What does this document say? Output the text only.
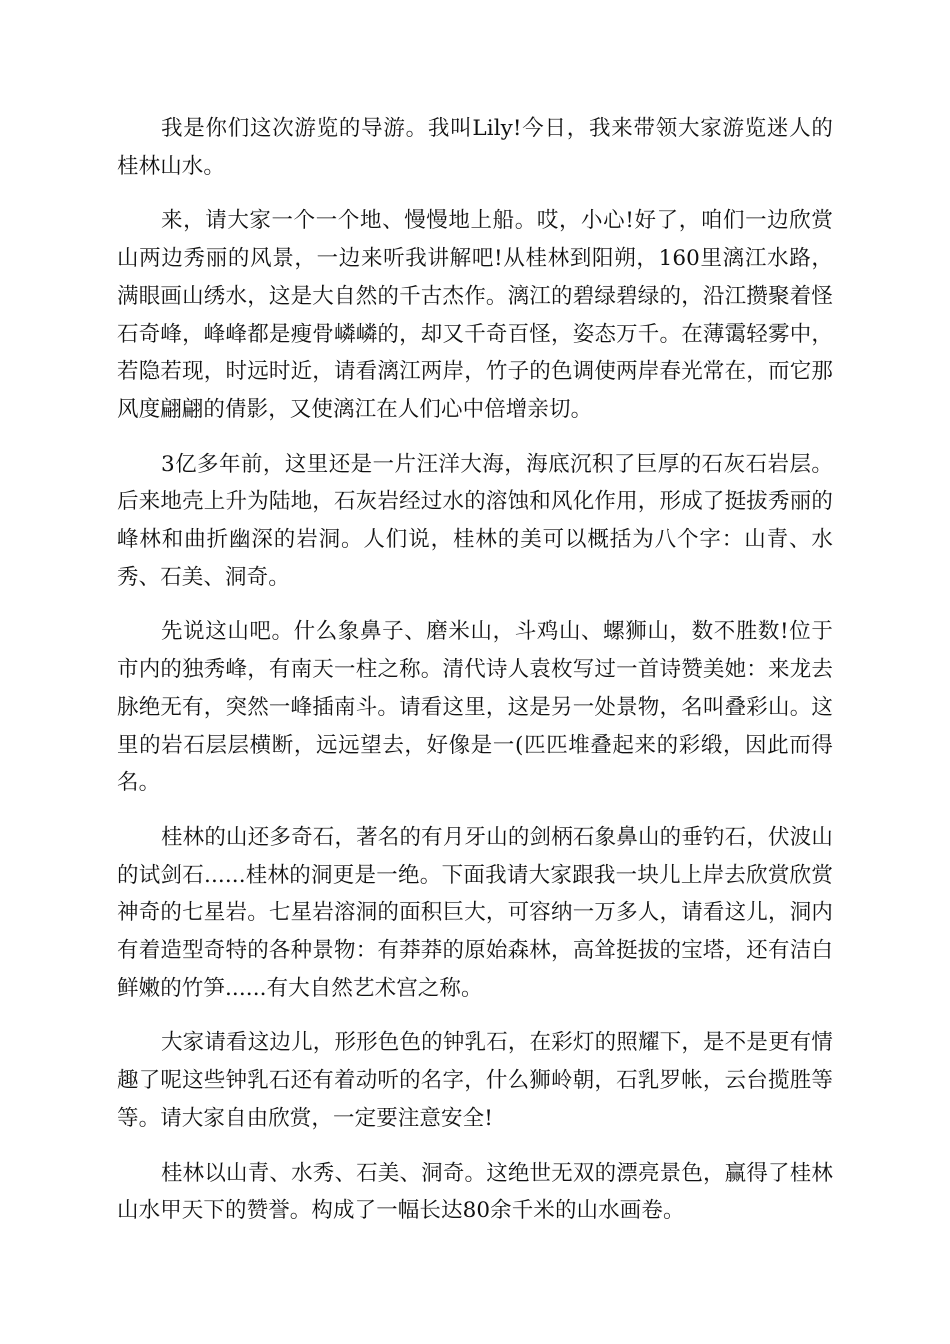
我是你们这次游览的导游。我叫Lily!今日，我来带领大家游览迷人的桂林山水。

来，请大家一个一个地、慢慢地上船。哎，小心!好了，咱们一边欣赏山两边秀丽的风景，一边来听我讲解吧!从桂林到阳朔，160里漓江水路，满眼画山绣水，这是大自然的千古杰作。漓江的碧绿碧绿的，沿江攒聚着怪石奇峰，峰峰都是瘦骨嶙嶙的，却又千奇百怪，姿态万千。在薄霭轻雾中，若隐若现，时远时近，请看漓江两岸，竹子的色调使两岸春光常在，而它那风度翩翩的倩影，又使漓江在人们心中倍增亲切。

3亿多年前，这里还是一片汪洋大海，海底沉积了巨厚的石灰石岩层。后来地壳上升为陆地，石灰岩经过水的溶蚀和风化作用，形成了挺拔秀丽的峰林和曲折幽深的岩洞。人们说，桂林的美可以概括为八个字：山青、水秀、石美、洞奇。

先说这山吧。什么象鼻子、磨米山，斗鸡山、螺狮山，数不胜数!位于市内的独秀峰，有南天一柱之称。清代诗人袁枚写过一首诗赞美她：来龙去脉绝无有，突然一峰插南斗。请看这里，这是另一处景物，名叫叠彩山。这里的岩石层层横断，远远望去，好像是一(匹匹堆叠起来的彩缎，因此而得名。

桂林的山还多奇石，著名的有月牙山的剑柄石象鼻山的垂钓石，伏波山的试剑石......桂林的洞更是一绝。下面我请大家跟我一块儿上岸去欣赏欣赏神奇的七星岩。七星岩溶洞的面积巨大，可容纳一万多人，请看这儿，洞内有着造型奇特的各种景物：有莽莽的原始森林，高耸挺拔的宝塔，还有洁白鲜嫩的竹笋......有大自然艺术宫之称。

大家请看这边儿，形形色色的钟乳石，在彩灯的照耀下，是不是更有情趣了呢这些钟乳石还有着动听的名字，什么狮岭朝，石乳罗帐，云台揽胜等等。请大家自由欣赏，一定要注意安全!

桂林以山青、水秀、石美、洞奇。这绝世无双的漂亮景色，赢得了桂林山水甲天下的赞誉。构成了一幅长达80余千米的山水画卷。
